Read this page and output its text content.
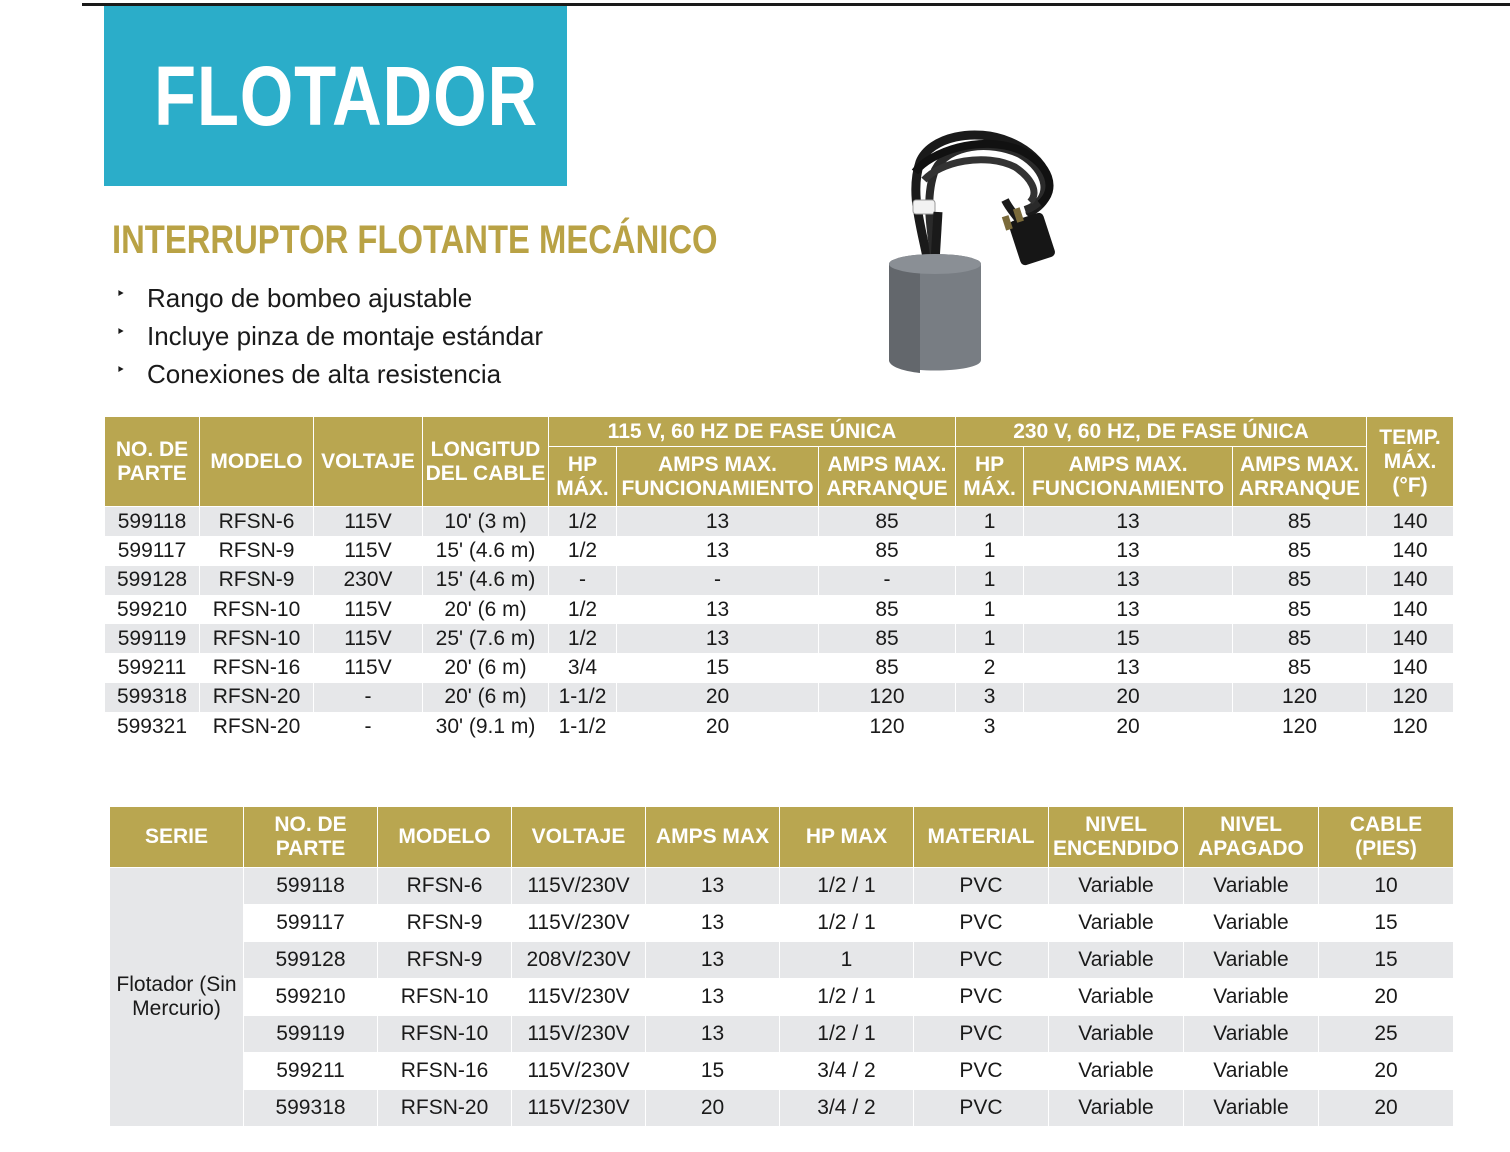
FLOTADOR
INTERRUPTOR FLOTANTE MECÁNICO
‣ Rango de bombeo ajustable
‣ Incluye pinza de montaje estándar
‣ Conexiones de alta resistencia
NO. DE PARTE	MODELO	VOLTAJE	LONGITUD DEL CABLE	115 V, 60 HZ DE FASE ÚNICA			230 V, 60 HZ, DE FASE ÚNICA			TEMP. MÁX. (°F)
				HP MÁX.	AMPS MAX. FUNCIONAMIENTO	AMPS MAX. ARRANQUE	HP MÁX.	AMPS MAX. FUNCIONAMIENTO	AMPS MAX. ARRANQUE	
599118	RFSN-6	115V	10' (3 m)	1/2	13	85	1	13	85	140
599117	RFSN-9	115V	15' (4.6 m)	1/2	13	85	1	13	85	140
599128	RFSN-9	230V	15' (4.6 m)	-	-	-	1	13	85	140
599210	RFSN-10	115V	20' (6 m)	1/2	13	85	1	13	85	140
599119	RFSN-10	115V	25' (7.6 m)	1/2	13	85	1	15	85	140
599211	RFSN-16	115V	20' (6 m)	3/4	15	85	2	13	85	140
599318	RFSN-20	-	20' (6 m)	1-1/2	20	120	3	20	120	120
599321	RFSN-20	-	30' (9.1 m)	1-1/2	20	120	3	20	120	120
SERIE	NO. DE PARTE	MODELO	VOLTAJE	AMPS MAX	HP MAX	MATERIAL	NIVEL ENCENDIDO	NIVEL APAGADO	CABLE (PIES)
Flotador (Sin Mercurio)	599118	RFSN-6	115V/230V	13	1/2 / 1	PVC	Variable	Variable	10
	599117	RFSN-9	115V/230V	13	1/2 / 1	PVC	Variable	Variable	15
	599128	RFSN-9	208V/230V	13	1	PVC	Variable	Variable	15
	599210	RFSN-10	115V/230V	13	1/2 / 1	PVC	Variable	Variable	20
	599119	RFSN-10	115V/230V	13	1/2 / 1	PVC	Variable	Variable	25
	599211	RFSN-16	115V/230V	15	3/4 / 2	PVC	Variable	Variable	20
	599318	RFSN-20	115V/230V	20	3/4 / 2	PVC	Variable	Variable	20
